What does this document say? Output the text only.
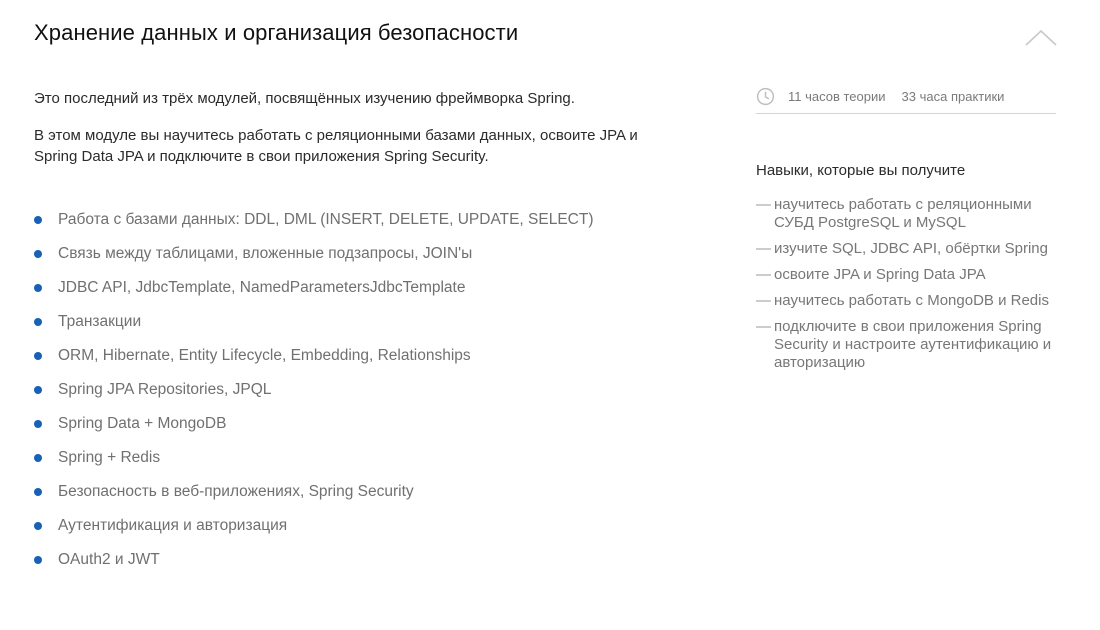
Хранение данных и организация безопасности

Это последний из трёх модулей, посвящённых изучению фреймворка Spring.

В этом модуле вы научитесь работать с реляционными базами данных, освоите JPA и Spring Data JPA и подключите в свои приложения Spring Security.

Работа с базами данных: DDL, DML (INSERT, DELETE, UPDATE, SELECT)
Связь между таблицами, вложенные подзапросы, JOIN'ы
JDBC API, JdbcTemplate, NamedParametersJdbcTemplate
Транзакции
ORM, Hibernate, Entity Lifecycle, Embedding, Relationships
Spring JPA Repositories, JPQL
Spring Data + MongoDB
Spring + Redis
Безопасность в веб-приложениях, Spring Security
Аутентификация и авторизация
OAuth2 и JWT
11 часов теории 33 часа практики
Навыки, которые вы получите
— научитесь работать с реляционными СУБД PostgreSQL и MySQL
— изучите SQL, JDBC API, обёртки Spring
— освоите JPA и Spring Data JPA
— научитесь работать с MongoDB и Redis
— подключите в свои приложения Spring Security и настроите аутентификацию и авторизацию
